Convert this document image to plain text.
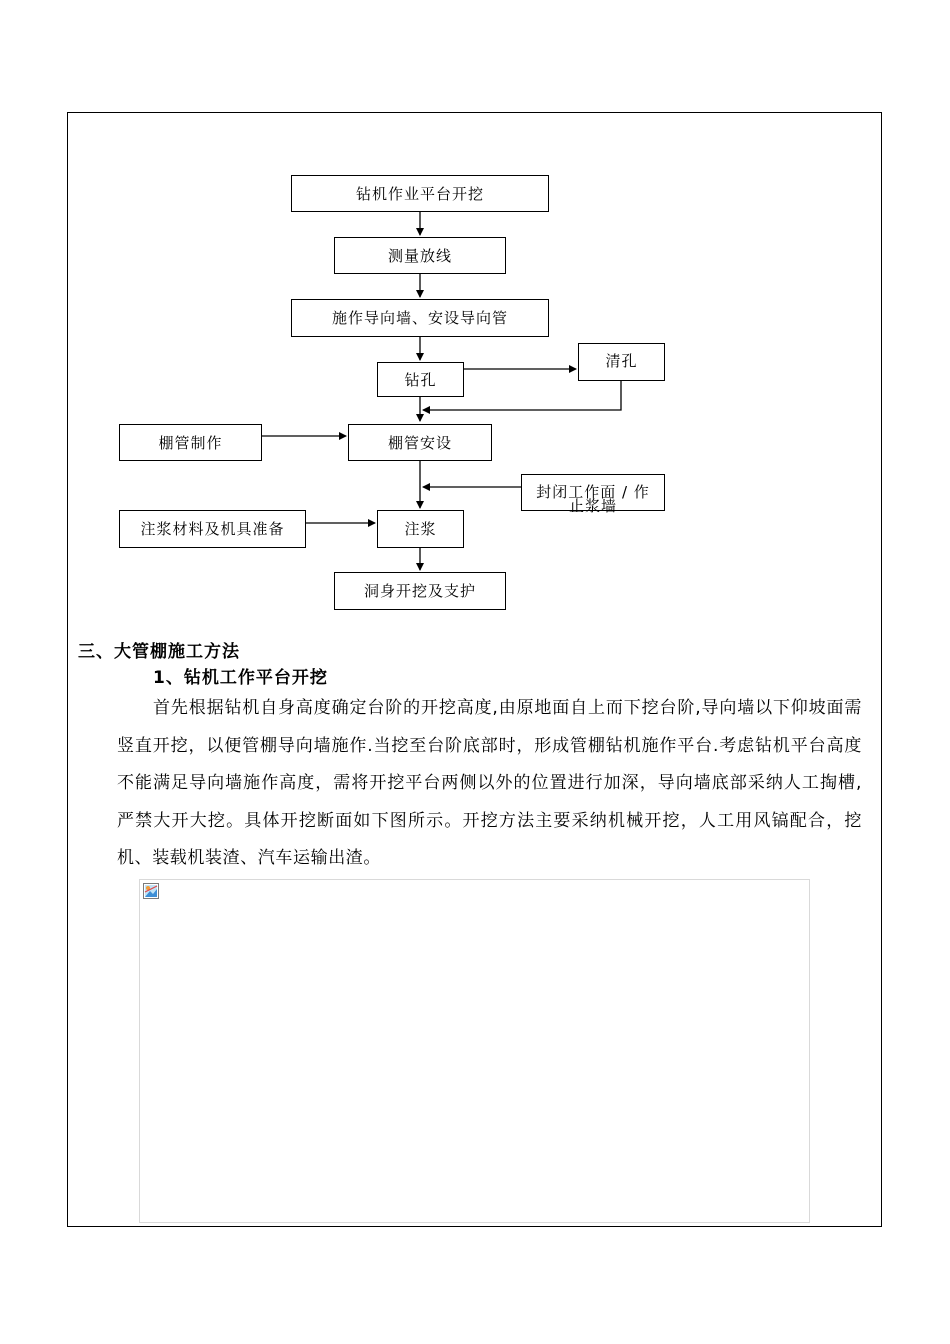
钻机作业平台开挖
测量放线
施作导向墙、安设导向管
钻孔
清孔
棚管制作	棚管安设
封闭工作面 / 作
止浆墙
注浆材料及机具准备	注浆
洞身开挖及支护
三、大管棚施工方法
1、钻机工作平台开挖
首先根据钻机自身高度确定台阶的开挖高度,由原地面自上而下挖台阶,导向墙以下仰坡面需竖直开挖，以便管棚导向墙施作.当挖至台阶底部时，形成管棚钻机施作平台.考虑钻机平台高度不能满足导向墙施作高度，需将开挖平台两侧以外的位置进行加深，导向墙底部采纳人工掏槽,严禁大开大挖。具体开挖断面如下图所示。开挖方法主要采纳机械开挖，人工用风镐配合，挖机、装载机装渣、汽车运输出渣。
